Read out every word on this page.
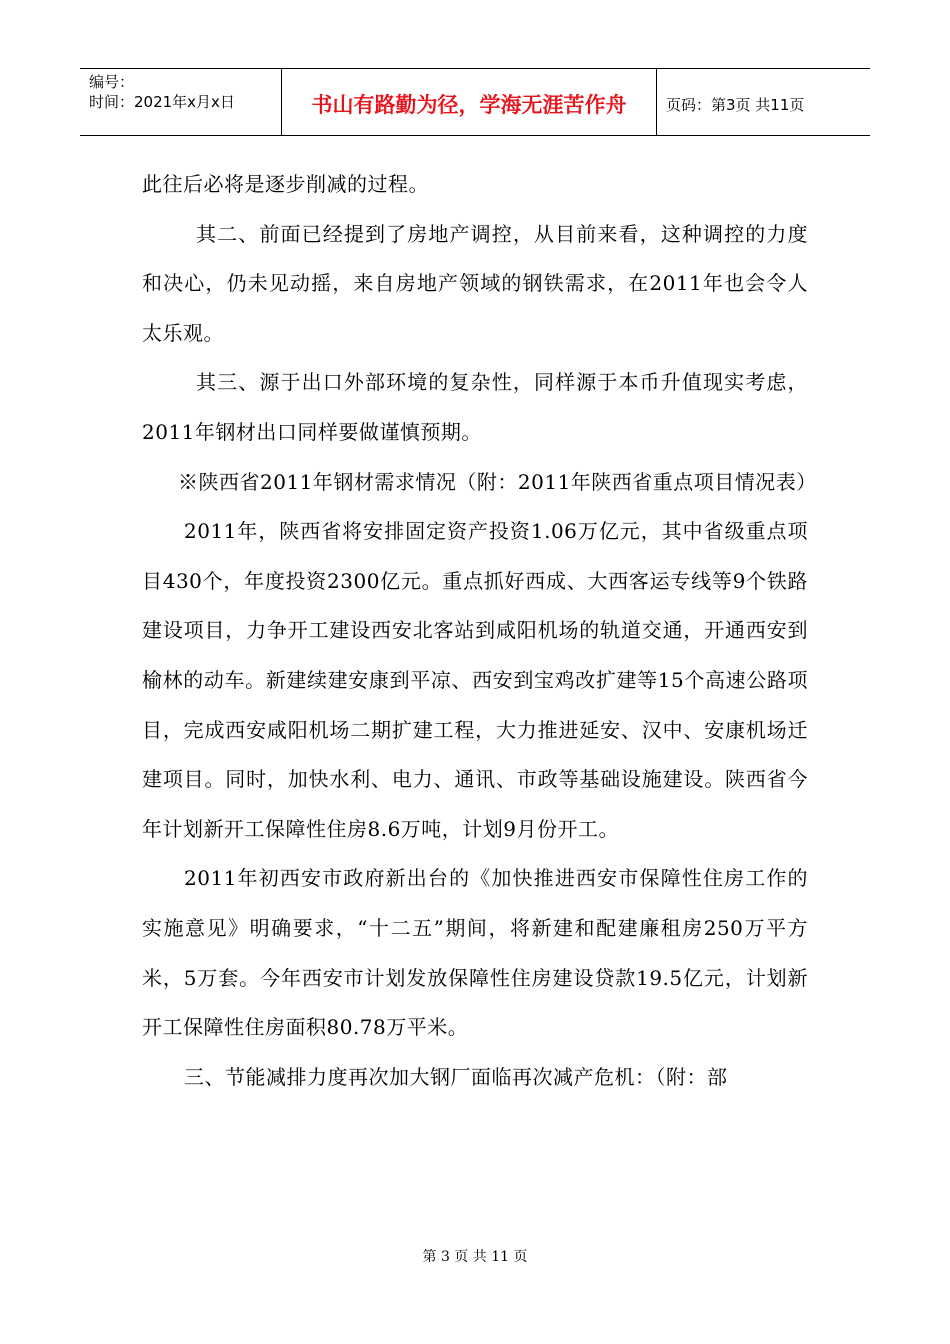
编号：
时间：2021年x月x日	书山有路勤为径，学海无涯苦作舟	页码：第3页 共11页

此往后必将是逐步削减的过程。

其二、前面已经提到了房地产调控，从目前来看，这种调控的力度和决心，仍未见动摇，来自房地产领域的钢铁需求，在2011年也会令人太乐观。

其三、源于出口外部环境的复杂性，同样源于本币升值现实考虑，2011年钢材出口同样要做谨慎预期。

※陕西省2011年钢材需求情况（附：2011年陕西省重点项目情况表）

2011年，陕西省将安排固定资产投资1.06万亿元，其中省级重点项目430个，年度投资2300亿元。重点抓好西成、大西客运专线等9个铁路建设项目，力争开工建设西安北客站到咸阳机场的轨道交通，开通西安到榆林的动车。新建续建安康到平凉、西安到宝鸡改扩建等15个高速公路项目，完成西安咸阳机场二期扩建工程，大力推进延安、汉中、安康机场迁建项目。同时，加快水利、电力、通讯、市政等基础设施建设。陕西省今年计划新开工保障性住房8.6万吨，计划9月份开工。

2011年初西安市政府新出台的《加快推进西安市保障性住房工作的实施意见》明确要求，“十二五”期间，将新建和配建廉租房250万平方米，5万套。今年西安市计划发放保障性住房建设贷款19.5亿元，计划新开工保障性住房面积80.78万平米。

三、节能减排力度再次加大钢厂面临再次减产危机：（附：部

第 3 页 共 11 页
